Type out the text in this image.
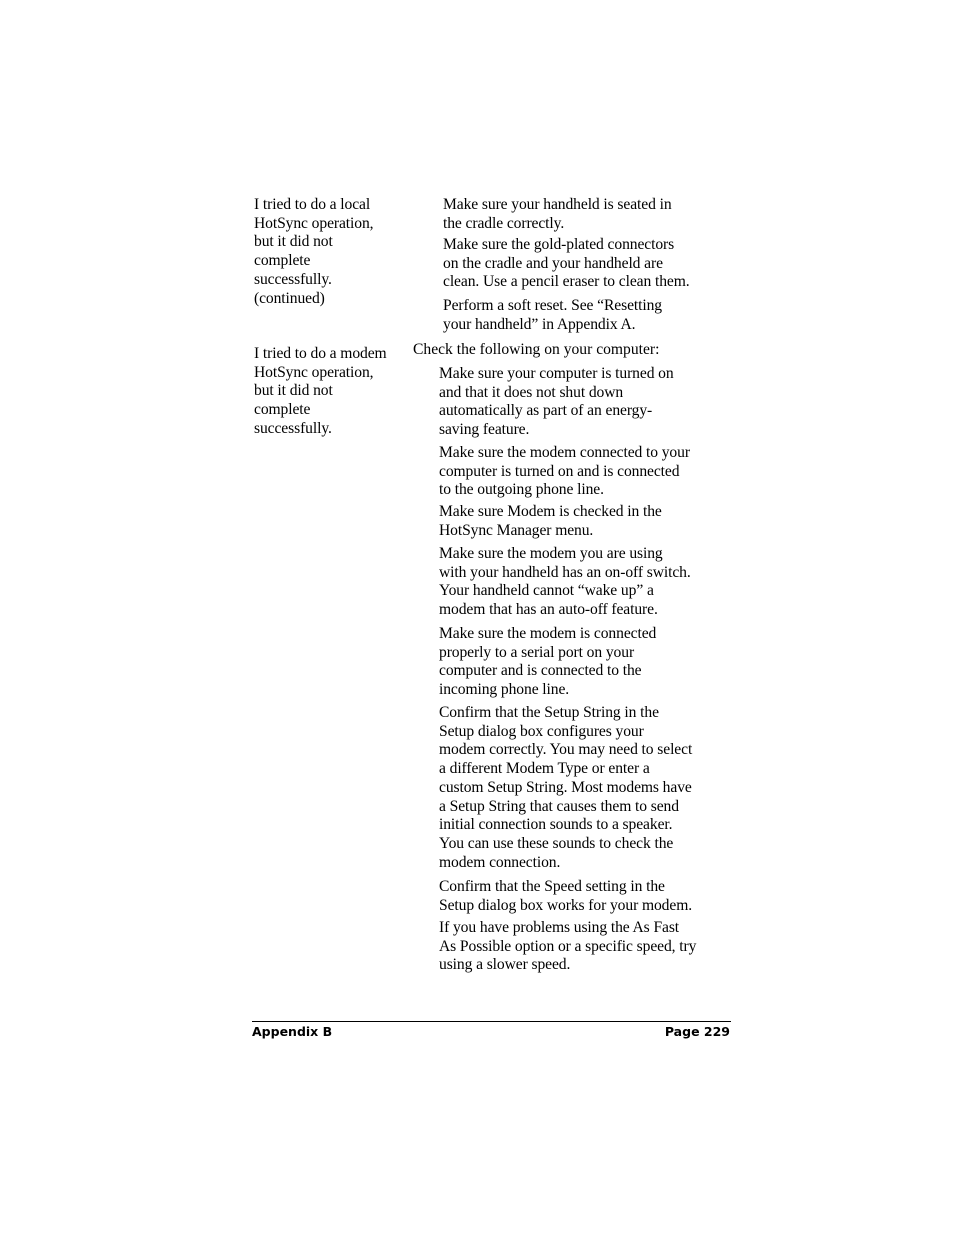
I tried to do a local
HotSync operation,
but it did not
complete
successfully.
(continued)
Make sure your handheld is seated in
the cradle correctly.
Make sure the gold-plated connectors
on the cradle and your handheld are
clean. Use a pencil eraser to clean them.
Perform a soft reset. See “Resetting
your handheld” in Appendix A.
I tried to do a modem
HotSync operation,
but it did not
complete
successfully.
Check the following on your computer:
Make sure your computer is turned on
and that it does not shut down
automatically as part of an energy-
saving feature.
Make sure the modem connected to your
computer is turned on and is connected
to the outgoing phone line.
Make sure Modem is checked in the
HotSync Manager menu.
Make sure the modem you are using
with your handheld has an on-off switch.
Your handheld cannot “wake up” a
modem that has an auto-off feature.
Make sure the modem is connected
properly to a serial port on your
computer and is connected to the
incoming phone line.
Confirm that the Setup String in the
Setup dialog box configures your
modem correctly. You may need to select
a different Modem Type or enter a
custom Setup String. Most modems have
a Setup String that causes them to send
initial connection sounds to a speaker.
You can use these sounds to check the
modem connection.
Confirm that the Speed setting in the
Setup dialog box works for your modem.
If you have problems using the As Fast
As Possible option or a specific speed, try
using a slower speed.
Appendix B	Page 229
